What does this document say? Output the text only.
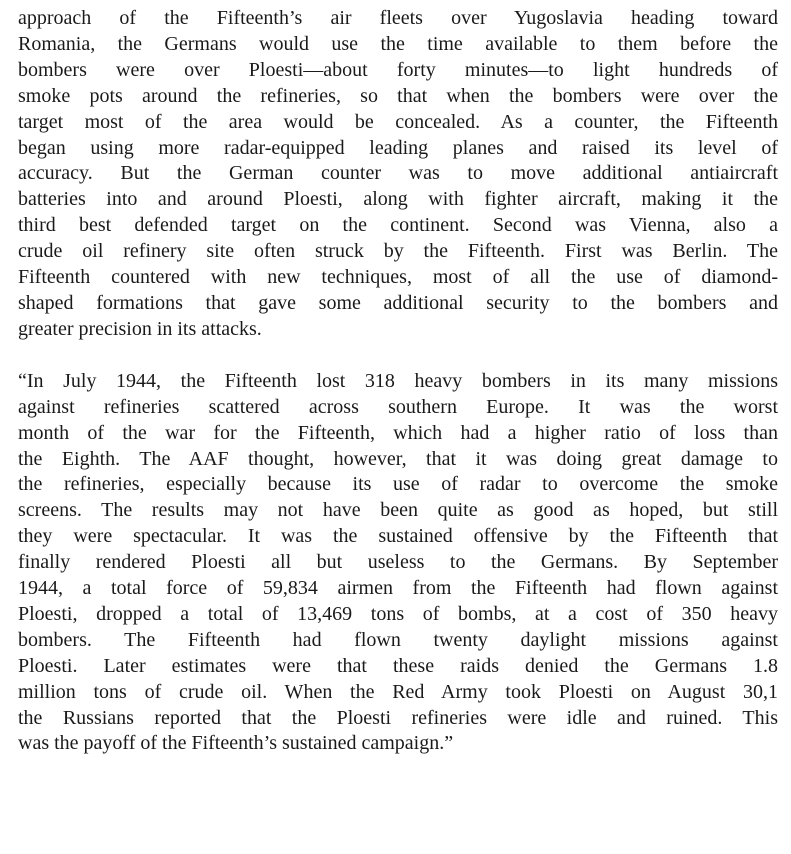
approach of the Fifteenth’s air fleets over Yugoslavia heading toward
Romania, the Germans would use the time available to them before the
bombers were over Ploesti—about forty minutes—to light hundreds of
smoke pots around the refineries, so that when the bombers were over the
target most of the area would be concealed. As a counter, the Fifteenth
began using more radar-equipped leading planes and raised its level of
accuracy. But the German counter was to move additional antiaircraft
batteries into and around Ploesti, along with fighter aircraft, making it the
third best defended target on the continent. Second was Vienna, also a
crude oil refinery site often struck by the Fifteenth. First was Berlin. The
Fifteenth countered with new techniques, most of all the use of diamond-
shaped formations that gave some additional security to the bombers and
greater precision in its attacks.

“In July 1944, the Fifteenth lost 318 heavy bombers in its many missions
against refineries scattered across southern Europe. It was the worst
month of the war for the Fifteenth, which had a higher ratio of loss than
the Eighth. The AAF thought, however, that it was doing great damage to
the refineries, especially because its use of radar to overcome the smoke
screens. The results may not have been quite as good as hoped, but still
they were spectacular. It was the sustained offensive by the Fifteenth that
finally rendered Ploesti all but useless to the Germans. By September
1944, a total force of 59,834 airmen from the Fifteenth had flown against
Ploesti, dropped a total of 13,469 tons of bombs, at a cost of 350 heavy
bombers. The Fifteenth had flown twenty daylight missions against
Ploesti. Later estimates were that these raids denied the Germans 1.8
million tons of crude oil. When the Red Army took Ploesti on August 30,1
the Russians reported that the Ploesti refineries were idle and ruined. This
was the payoff of the Fifteenth’s sustained campaign.”
